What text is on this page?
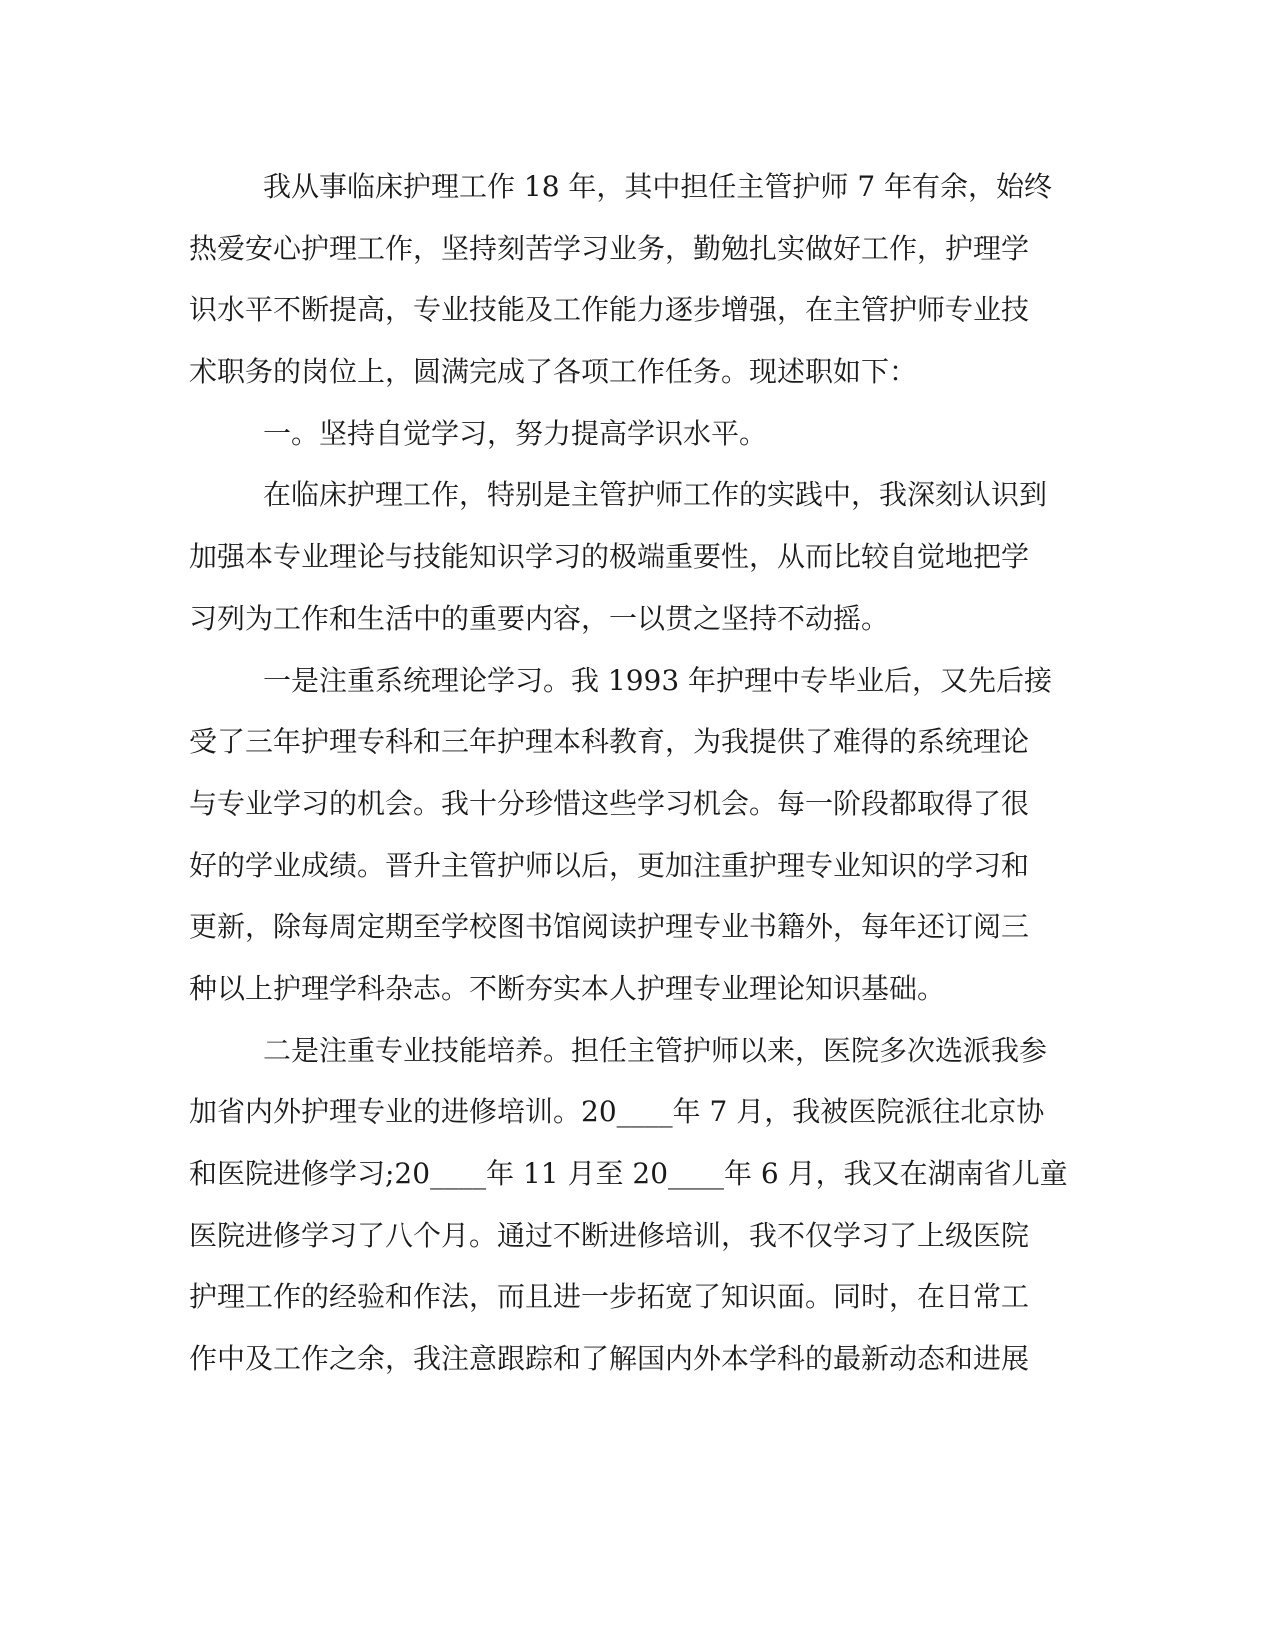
我从事临床护理工作 18 年，其中担任主管护师 7 年有余，始终
热爱安心护理工作，坚持刻苦学习业务，勤勉扎实做好工作，护理学
识水平不断提高，专业技能及工作能力逐步增强，在主管护师专业技
术职务的岗位上，圆满完成了各项工作任务。现述职如下：
一。坚持自觉学习，努力提高学识水平。
在临床护理工作，特别是主管护师工作的实践中，我深刻认识到
加强本专业理论与技能知识学习的极端重要性，从而比较自觉地把学
习列为工作和生活中的重要内容，一以贯之坚持不动摇。
一是注重系统理论学习。我 1993 年护理中专毕业后，又先后接
受了三年护理专科和三年护理本科教育，为我提供了难得的系统理论
与专业学习的机会。我十分珍惜这些学习机会。每一阶段都取得了很
好的学业成绩。晋升主管护师以后，更加注重护理专业知识的学习和
更新，除每周定期至学校图书馆阅读护理专业书籍外，每年还订阅三
种以上护理学科杂志。不断夯实本人护理专业理论知识基础。
二是注重专业技能培养。担任主管护师以来，医院多次选派我参
加省内外护理专业的进修培训。20____年 7 月，我被医院派往北京协
和医院进修学习;20____年 11 月至 20____年 6 月，我又在湖南省儿童
医院进修学习了八个月。通过不断进修培训，我不仅学习了上级医院
护理工作的经验和作法，而且进一步拓宽了知识面。同时，在日常工
作中及工作之余，我注意跟踪和了解国内外本学科的最新动态和进展
